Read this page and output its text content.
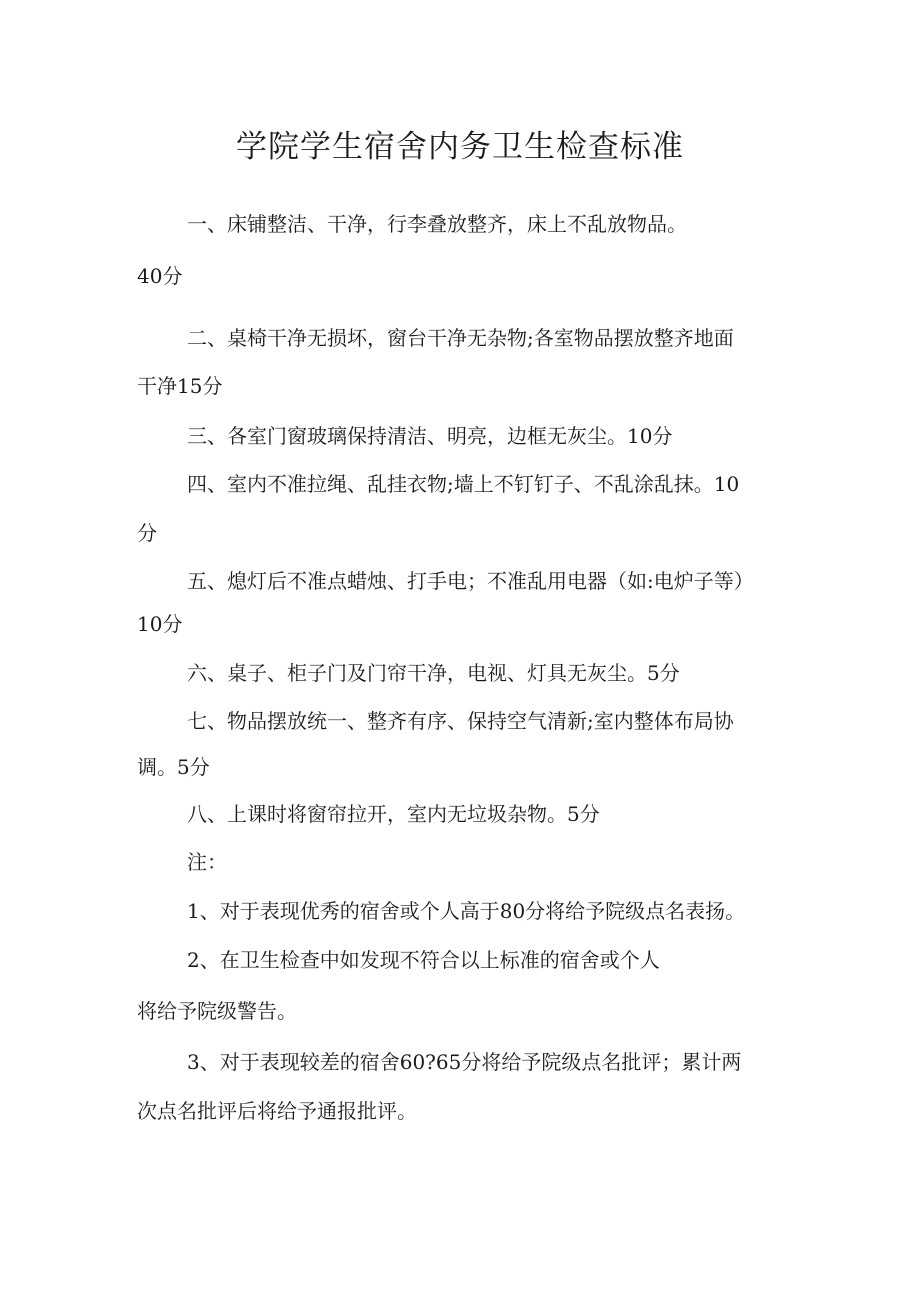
学院学生宿舍内务卫生检查标准

一、床铺整洁、干净，行李叠放整齐，床上不乱放物品。

40分

二、桌椅干净无损坏，窗台干净无杂物;各室物品摆放整齐地面

干净15分

三、各室门窗玻璃保持清洁、明亮，边框无灰尘。10分

四、室内不准拉绳、乱挂衣物;墙上不钉钉子、不乱涂乱抹。10

分

五、熄灯后不准点蜡烛、打手电；不准乱用电器（如:电炉子等）

10分

六、桌子、柜子门及门帘干净，电视、灯具无灰尘。5分

七、物品摆放统一、整齐有序、保持空气清新;室内整体布局协

调。5分

八、上课时将窗帘拉开，室内无垃圾杂物。5分

注：

1、对于表现优秀的宿舍或个人高于80分将给予院级点名表扬。

2、在卫生检查中如发现不符合以上标准的宿舍或个人

将给予院级警告。

3、对于表现较差的宿舍60?65分将给予院级点名批评；累计两

次点名批评后将给予通报批评。
